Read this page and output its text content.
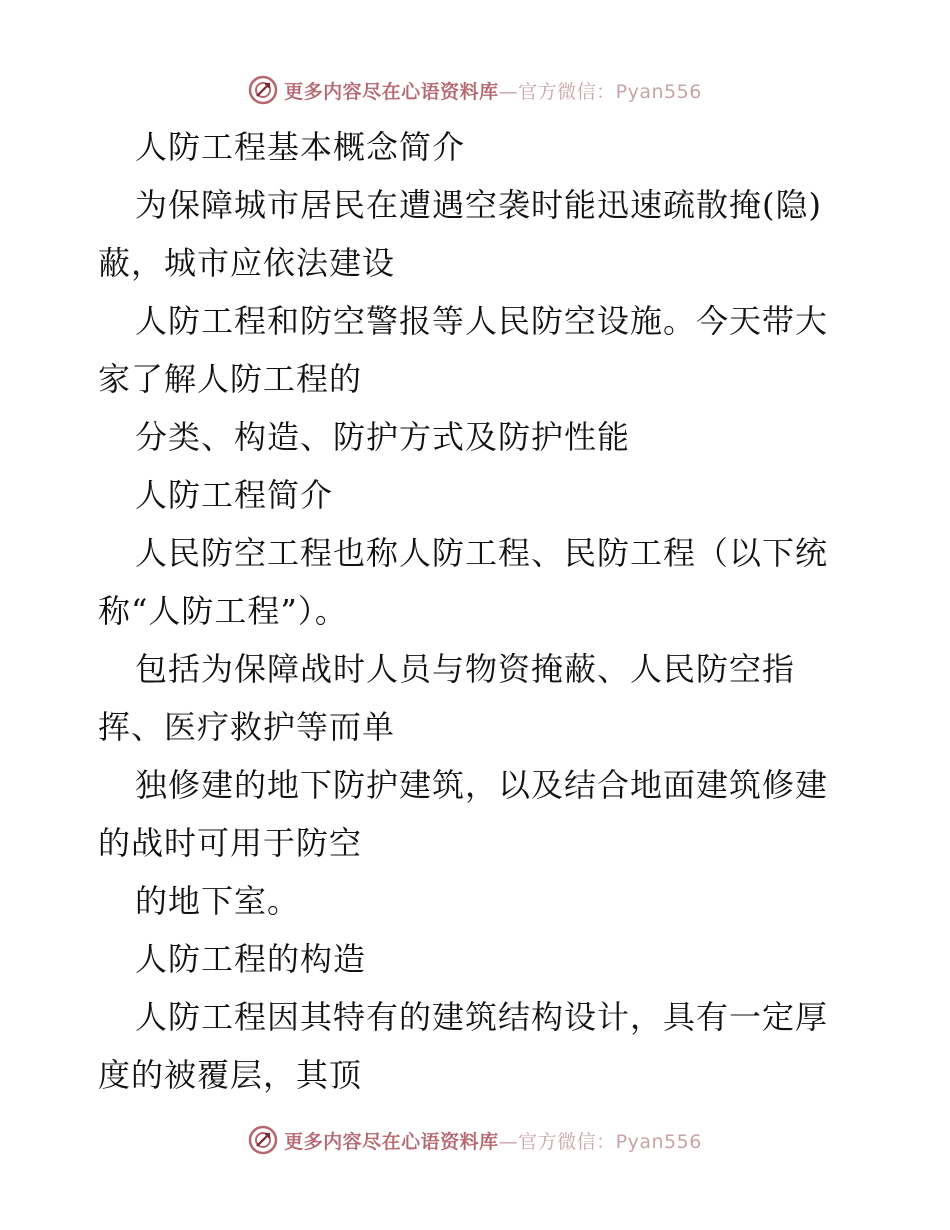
更多内容尽在心语资料库—官方微信：Pyan556

人防工程基本概念简介

为保障城市居民在遭遇空袭时能迅速疏散掩(隐)蔽，城市应依法建设

人防工程和防空警报等人民防空设施。今天带大家了解人防工程的

分类、构造、防护方式及防护性能

人防工程简介

人民防空工程也称人防工程、民防工程（以下统称“人防工程”）。

包括为保障战时人员与物资掩蔽、人民防空指挥、医疗救护等而单

独修建的地下防护建筑，以及结合地面建筑修建的战时可用于防空

的地下室。

人防工程的构造

人防工程因其特有的建筑结构设计，具有一定厚度的被覆层，其顶

更多内容尽在心语资料库—官方微信：Pyan556
